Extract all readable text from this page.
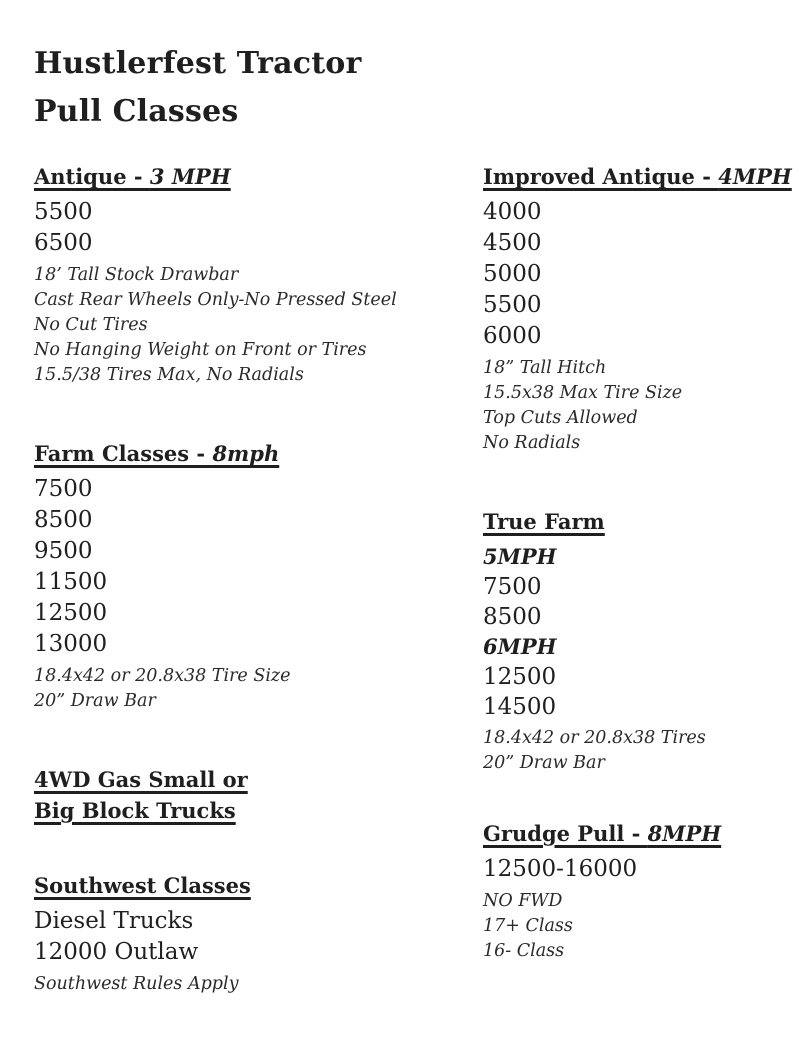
Hustlerfest Tractor
Pull Classes
Antique - 3 MPH
5500
6500
18’ Tall Stock Drawbar
Cast Rear Wheels Only-No Pressed Steel
No Cut Tires
No Hanging Weight on Front or Tires
15.5/38 Tires Max, No Radials
Farm Classes - 8mph
7500
8500
9500
11500
12500
13000
18.4x42 or 20.8x38 Tire Size
20” Draw Bar
4WD Gas Small or
Big Block Trucks
Southwest Classes
Diesel Trucks
12000 Outlaw
Southwest Rules Apply
Improved Antique - 4MPH
4000
4500
5000
5500
6000
18” Tall Hitch
15.5x38 Max Tire Size
Top Cuts Allowed
No Radials
True Farm
5MPH
7500
8500
6MPH
12500
14500
18.4x42 or 20.8x38 Tires
20” Draw Bar
Grudge Pull - 8MPH
12500-16000
NO FWD
17+ Class
16- Class
